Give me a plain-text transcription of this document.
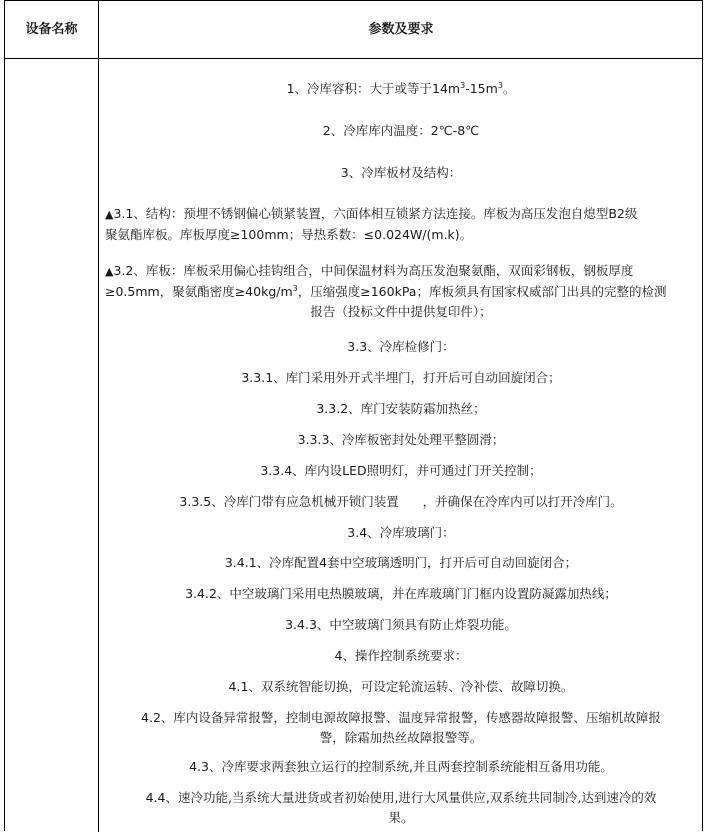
设备名称	参数及要求
1、冷库容积：大于或等于$14m^3-15m^3$。
2、冷库库内温度：2℃-8℃
3、冷库板材及结构：
▲3.1、结构：预埋不锈钢偏心锁紧装置，六面体相互锁紧方法连接。库板为高压发泡自熄型B2级
聚氨酯库板。库板厚度≥100mm；导热系数：≤0.024W/(m.k)。
▲3.2、库板：库板采用偏心挂钩组合，中间保温材料为高压发泡聚氨酯，双面彩钢板，钢板厚度
≥0.5mm，聚氨酯密度$\ge 40kg/m^3$，压缩强度≥160kPa；库板须具有国家权威部门出具的完整的检测

报告（投标文件中提供复印件）；
3.3、冷库检修门：
3.3.1、库门采用外开式半埋门，打开后可自动回旋闭合；
3.3.2、库门安装防霜加热丝；
3.3.3、冷库板密封处处理平整圆滑；
3.3.4、库内设LED照明灯，并可通过门开关控制；
3.3.5、冷库门带有应急机械开锁门装置      ，并确保在冷库内可以打开冷库门。
3.4、冷库玻璃门：
3.4.1、冷库配置4套中空玻璃透明门，打开后可自动回旋闭合；
3.4.2、中空玻璃门采用电热膜玻璃，并在库玻璃门门框内设置防凝露加热线；
3.4.3、中空玻璃门须具有防止炸裂功能。
4、操作控制系统要求：
4.1、双系统智能切换，可设定轮流运转、冷补偿、故障切换。
4.2、库内设备异常报警，控制电源故障报警、温度异常报警，传感器故障报警、压缩机故障报
警，除霜加热丝故障报警等。
4.3、冷库要求两套独立运行的控制系统,并且两套控制系统能相互备用功能。
4.4、速冷功能,当系统大量进货或者初始使用,进行大风量供应,双系统共同制冷,达到速冷的效
果。
